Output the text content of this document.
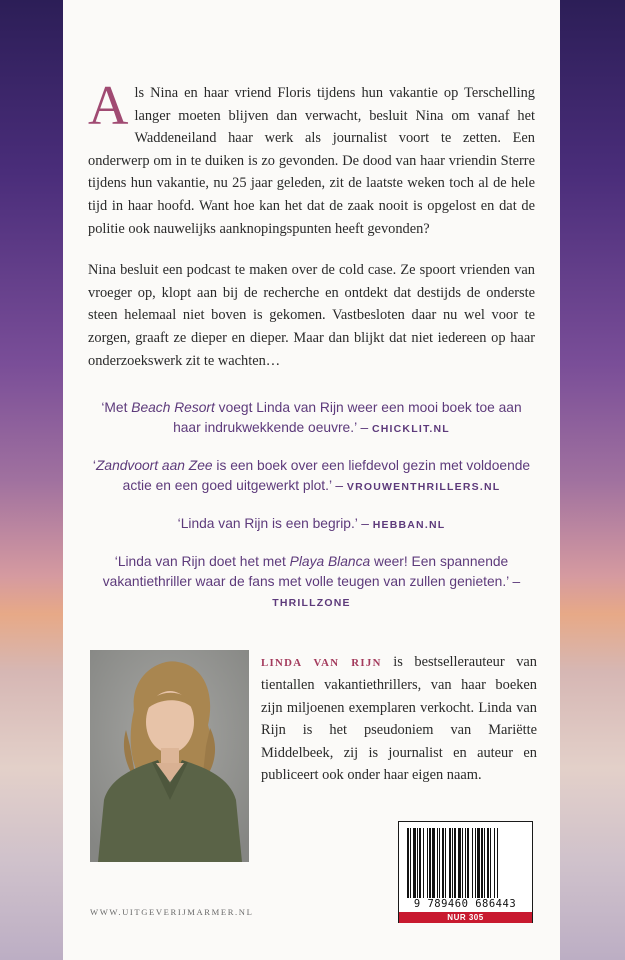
Als Nina en haar vriend Floris tijdens hun vakantie op Terschelling langer moeten blijven dan verwacht, besluit Nina om vanaf het Waddeneiland haar werk als journalist voort te zetten. Een onderwerp om in te duiken is zo gevonden. De dood van haar vriendin Sterre tijdens hun vakantie, nu 25 jaar geleden, zit de laatste weken toch al de hele tijd in haar hoofd. Want hoe kan het dat de zaak nooit is opgelost en dat de politie ook nauwelijks aanknopingspunten heeft gevonden?

Nina besluit een podcast te maken over de cold case. Ze spoort vrienden van vroeger op, klopt aan bij de recherche en ontdekt dat destijds de onderste steen helemaal niet boven is gekomen. Vastbesloten daar nu wel voor te zorgen, graaft ze dieper en dieper. Maar dan blijkt dat niet iedereen op haar onderzoekswerk zit te wachten…

‘Met Beach Resort voegt Linda van Rijn weer een mooi boek toe aan haar indrukwekkende oeuvre.’ – CHICKLIT.NL
‘Zandvoort aan Zee is een boek over een liefdevol gezin met voldoende actie en een goed uitgewerkt plot.’ – VROUWENTHRILLERS.NL
‘Linda van Rijn is een begrip.’ – HEBBAN.NL
‘Linda van Rijn doet het met Playa Blanca weer! Een spannende vakantiethriller waar de fans met volle teugen van zullen genieten.’ –
THRILLZONE

LINDA VAN RIJN is bestsellerauteur van tientallen vakantiethrillers, van haar boeken zijn miljoenen exemplaren verkocht. Linda van Rijn is het pseudoniem van Mariëtte Middelbeek, zij is journalist en auteur en publiceert ook onder haar eigen naam.

9 789460 686443
NUR 305
WWW.UITGEVERIJMARMER.NL
